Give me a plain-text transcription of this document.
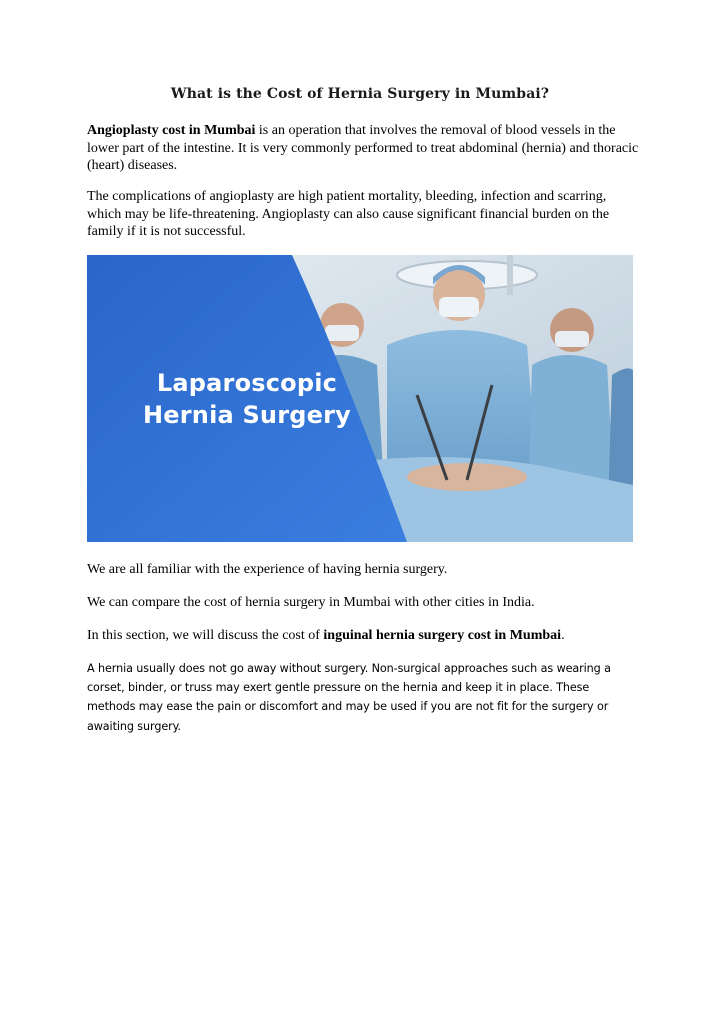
What is the Cost of Hernia Surgery in Mumbai?

Angioplasty cost in Mumbai is an operation that involves the removal of blood vessels in the lower part of the intestine. It is very commonly performed to treat abdominal (hernia) and thoracic (heart) diseases.

The complications of angioplasty are high patient mortality, bleeding, infection and scarring, which may be life-threatening. Angioplasty can also cause significant financial burden on the family if it is not successful.

Laparoscopic
Hernia Surgery

We are all familiar with the experience of having hernia surgery.

We can compare the cost of hernia surgery in Mumbai with other cities in India.

In this section, we will discuss the cost of inguinal hernia surgery cost in Mumbai.

A hernia usually does not go away without surgery. Non-surgical approaches such as wearing a corset, binder, or truss may exert gentle pressure on the hernia and keep it in place. These methods may ease the pain or discomfort and may be used if you are not fit for the surgery or awaiting surgery.
